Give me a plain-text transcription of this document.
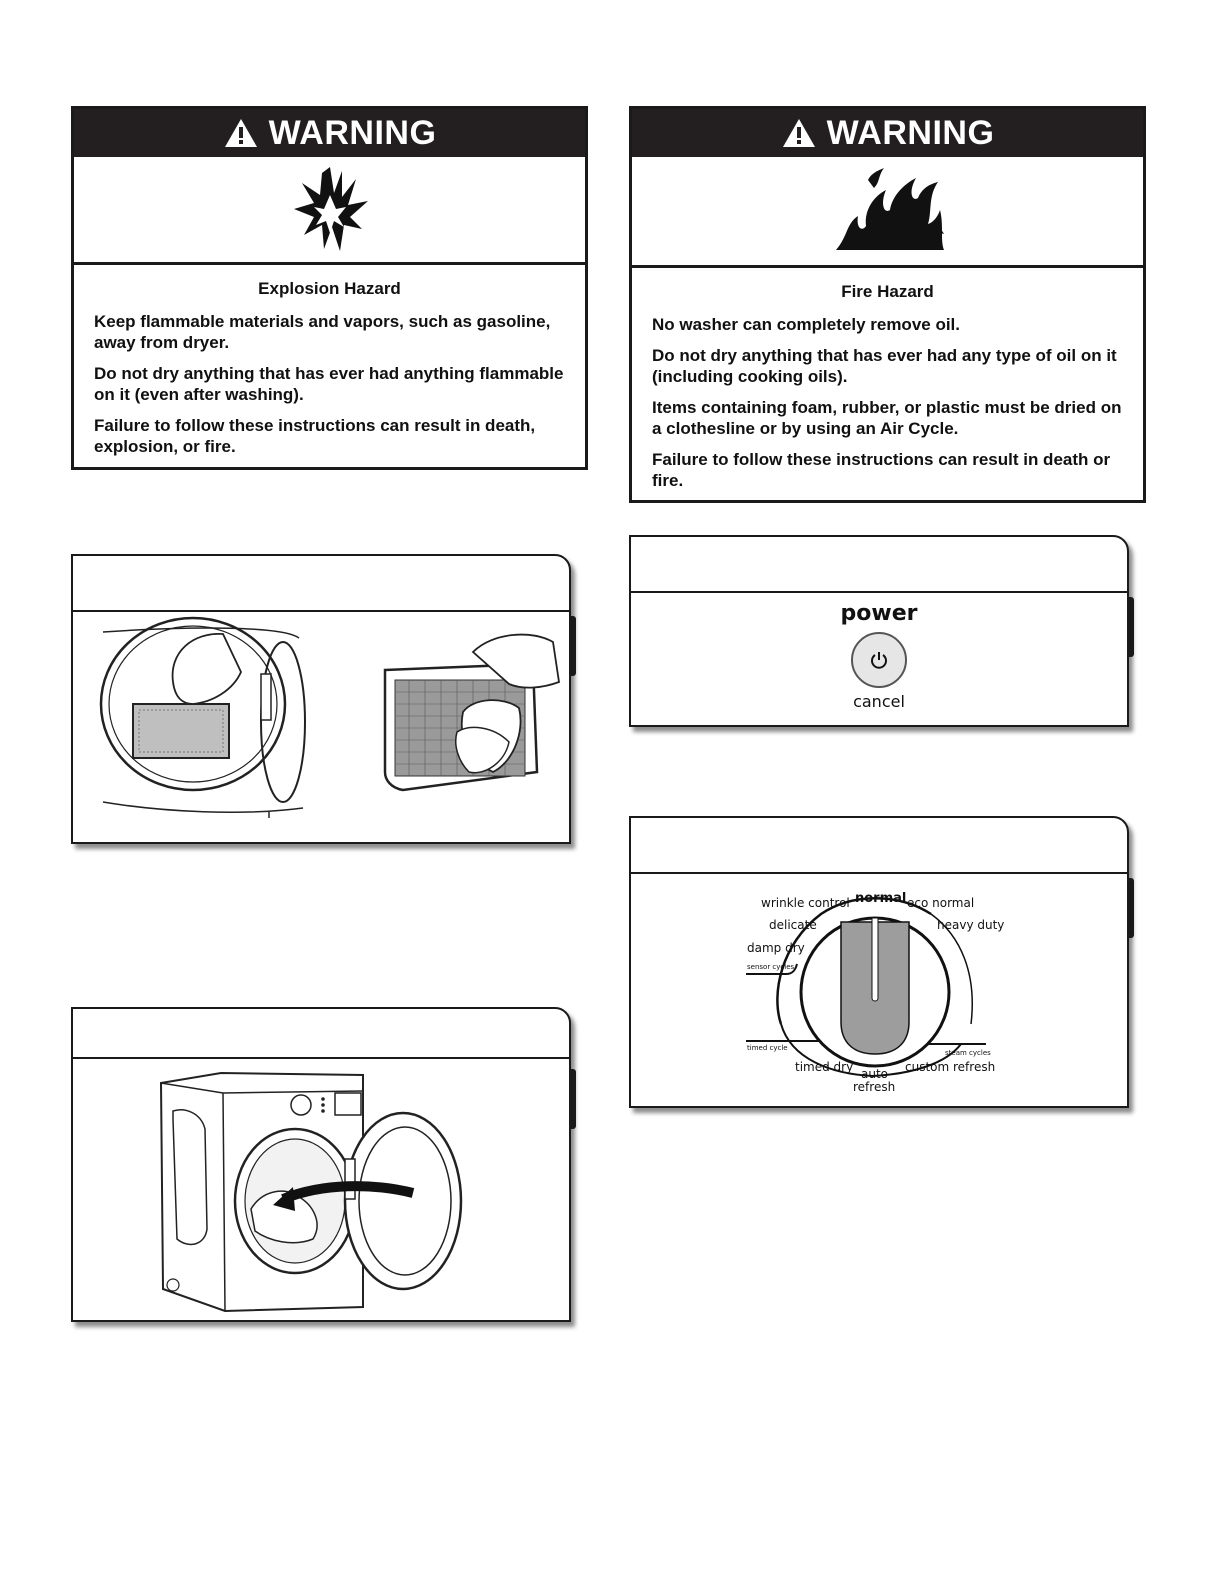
WARNING
Explosion Hazard

Keep flammable materials and vapors, such as gasoline, away from dryer.

Do not dry anything that has ever had anything flammable on it (even after washing).

Failure to follow these instructions can result in death, explosion, or fire.

WARNING
Fire Hazard

No washer can completely remove oil.

Do not dry anything that has ever had any type of oil on it (including cooking oils).

Items containing foam, rubber, or plastic must be dried on a clothesline or by using an Air Cycle.

Failure to follow these instructions can result in death or fire.

power
cancel
wrinkle control normal eco normal
delicate	heavy duty
damp dry
sensor cycles
timed cycle
steam cycles
timed dry	custom refresh
auto
refresh
